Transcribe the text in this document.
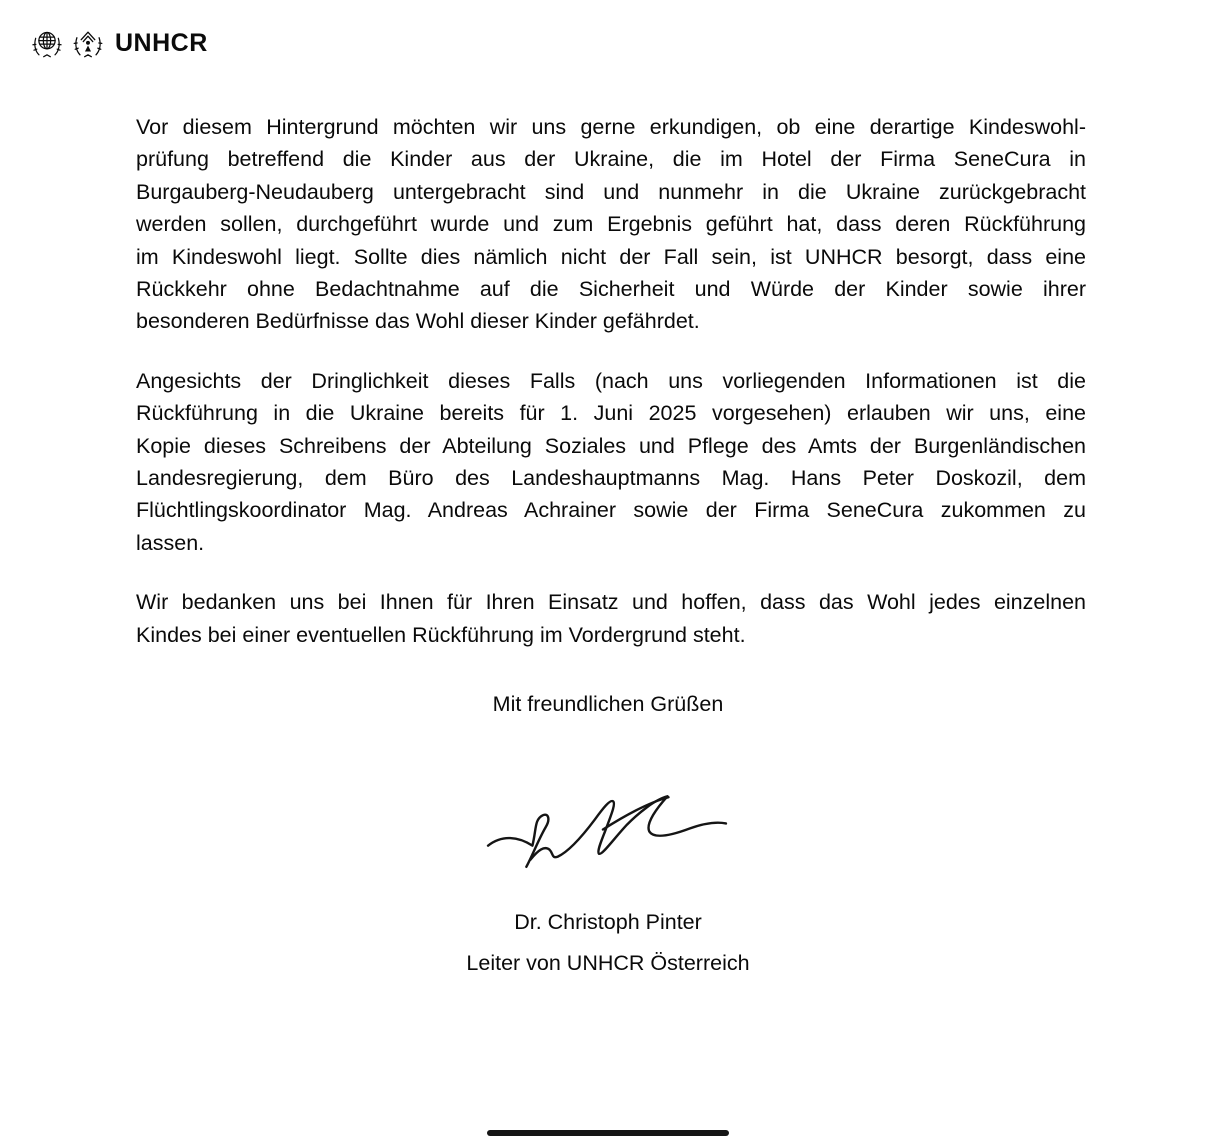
UNHCR

Vor diesem Hintergrund möchten wir uns gerne erkundigen, ob eine derartige Kindeswohl-
prüfung betreffend die Kinder aus der Ukraine, die im Hotel der Firma SeneCura in
Burgauberg-Neudauberg untergebracht sind und nunmehr in die Ukraine zurückgebracht
werden sollen, durchgeführt wurde und zum Ergebnis geführt hat, dass deren Rückführung
im Kindeswohl liegt. Sollte dies nämlich nicht der Fall sein, ist UNHCR besorgt, dass eine
Rückkehr ohne Bedachtnahme auf die Sicherheit und Würde der Kinder sowie ihrer
besonderen Bedürfnisse das Wohl dieser Kinder gefährdet.

Angesichts der Dringlichkeit dieses Falls (nach uns vorliegenden Informationen ist die
Rückführung in die Ukraine bereits für 1. Juni 2025 vorgesehen) erlauben wir uns, eine
Kopie dieses Schreibens der Abteilung Soziales und Pflege des Amts der Burgenländischen
Landesregierung, dem Büro des Landeshauptmanns Mag. Hans Peter Doskozil, dem
Flüchtlingskoordinator Mag. Andreas Achrainer sowie der Firma SeneCura zukommen zu
lassen.

Wir bedanken uns bei Ihnen für Ihren Einsatz und hoffen, dass das Wohl jedes einzelnen
Kindes bei einer eventuellen Rückführung im Vordergrund steht.

Mit freundlichen Grüßen
Dr. Christoph Pinter
Leiter von UNHCR Österreich
